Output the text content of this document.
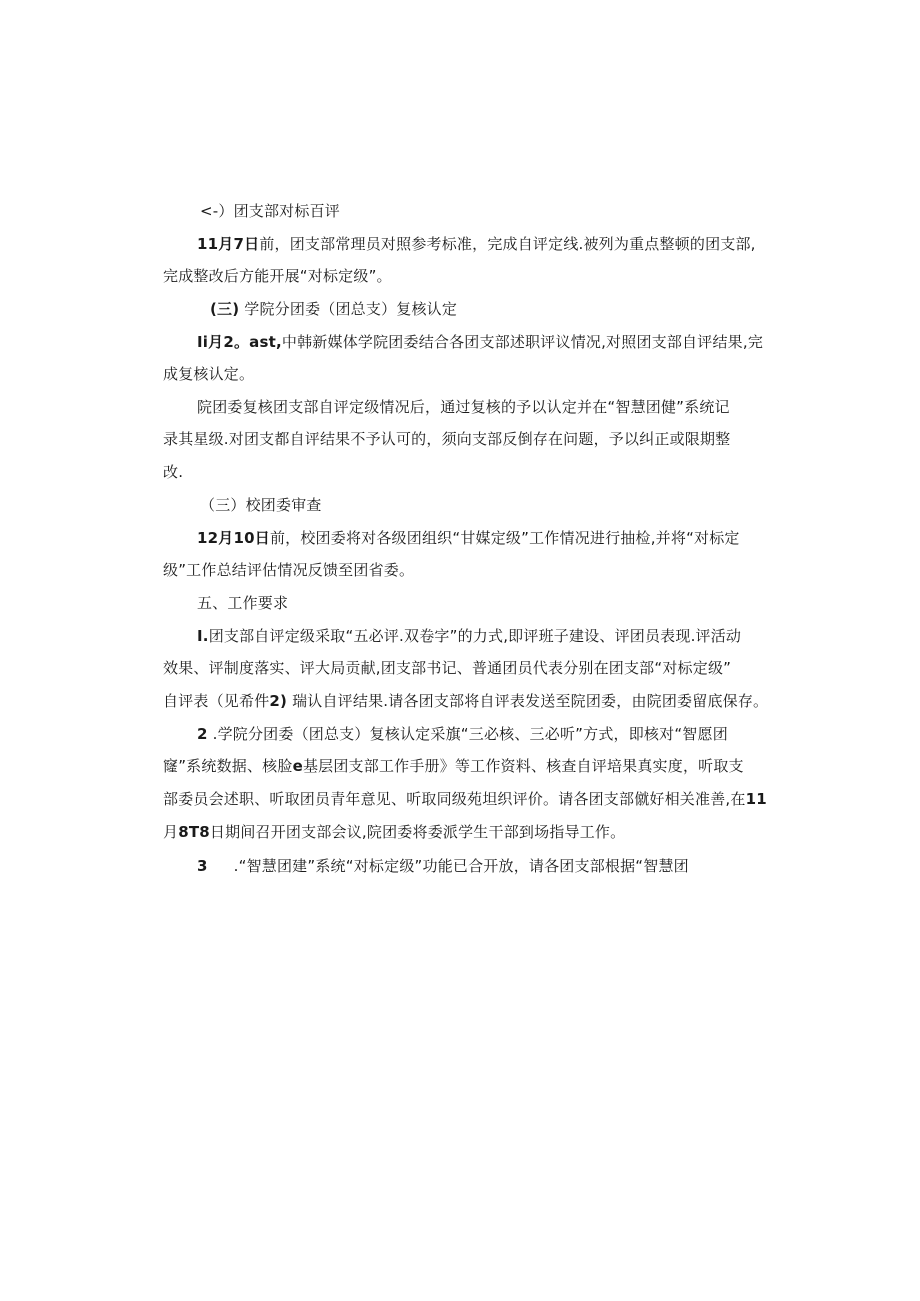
<-）团支部对标百评
11月7日前，团支部常理员对照参考标准，完成自评定线.被列为重点整顿的团支部,
完成整改后方能开展“对标定级”。
(三) 学院分团委（团总支）复核认定
Ii月2。ast,中韩新媒体学院团委结合各团支部述职评议情况,对照团支部自评结果,完
成复核认定。
院团委复核团支部自评定级情况后，通过复核的予以认定并在“智慧团健”系统记
录其星级.对团支都自评结果不予认可的，须向支部反倒存在问题，予以纠正或限期整
改.
（三）校团委审查
12月10日前，校团委将对各级团组织“甘媒定级”工作情况进行抽检,并将“对标定
级”工作总结评估情况反馈至团省委。
五、工作要求
I.团支部自评定级采取“五必评.双卷字”的力式,即评班子建设、评团员表现.评活动
效果、评制度落实、评大局贡献,团支部书记、普通团员代表分别在团支部“对标定级”
自评表（见希件2) 瑞认自评结果.请各团支部将自评表发送至院团委，由院团委留底保存。
2 .学院分团委（团总支）复核认定采旗“三必核、三必听”方式，即核对“智愿团
窿”系统数据、核脸e基层团支部工作手册》等工作资料、核查自评培果真实度，听取支
部委员会述职、听取团员青年意见、听取同级苑坦织评价。请各团支部僦好相关准善,在11
月8T8日期间召开团支部会议,院团委将委派学生干部到场指导工作。
3 .“智慧团建”系统“对标定级”功能已合开放，请各团支部根据“智慧团
